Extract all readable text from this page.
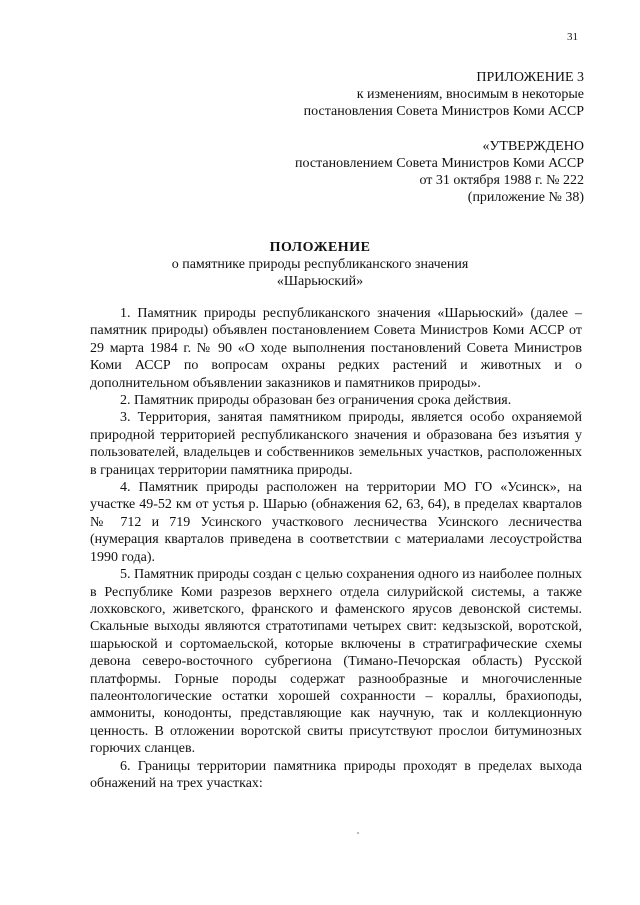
31
ПРИЛОЖЕНИЕ 3
к изменениям, вносимым в некоторые
постановления Совета Министров Коми АССР
«УТВЕРЖДЕНО
постановлением Совета Министров Коми АССР
от 31 октября 1988 г. № 222
(приложение № 38)
ПОЛОЖЕНИЕ
о памятнике природы республиканского значения
«Шарьюский»

1. Памятник природы республиканского значения «Шарьюский» (далее – памятник природы) объявлен постановлением Совета Министров Коми АССР от 29 марта 1984 г. № 90 «О ходе выполнения постановлений Совета Министров Коми АССР по вопросам охраны редких растений и животных и о дополнительном объявлении заказников и памятников природы».

2. Памятник природы образован без ограничения срока действия.

3. Территория, занятая памятником природы, является особо охраняемой природной территорией республиканского значения и образована без изъятия у пользователей, владельцев и собственников земельных участков, расположенных в границах территории памятника природы.

4. Памятник природы расположен на территории МО ГО «Усинск», на участке 49-52 км от устья р. Шарью (обнажения 62, 63, 64), в пределах кварталов № 712 и 719 Усинского участкового лесничества Усинского лесничества (нумерация кварталов приведена в соответствии с материалами лесоустройства 1990 года).

5. Памятник природы создан с целью сохранения одного из наиболее полных в Республике Коми разрезов верхнего отдела силурийской системы, а также лохковского, живетского, франского и фаменского ярусов девонской системы. Скальные выходы являются стратотипами четырех свит: кедзызской, воротской, шарьюской и сортомаельской, которые включены в стратиграфические схемы девона северо-восточного субрегиона (Тимано-Печорская область) Русской платформы. Горные породы содержат разнообразные и многочисленные палеонтологические остатки хорошей сохранности – кораллы, брахиоподы, аммониты, конодонты, представляющие как научную, так и коллекционную ценность. В отложении воротской свиты присутствуют прослои битуминозных горючих сланцев.

6. Границы территории памятника природы проходят в пределах выхода обнажений на трех участках:
